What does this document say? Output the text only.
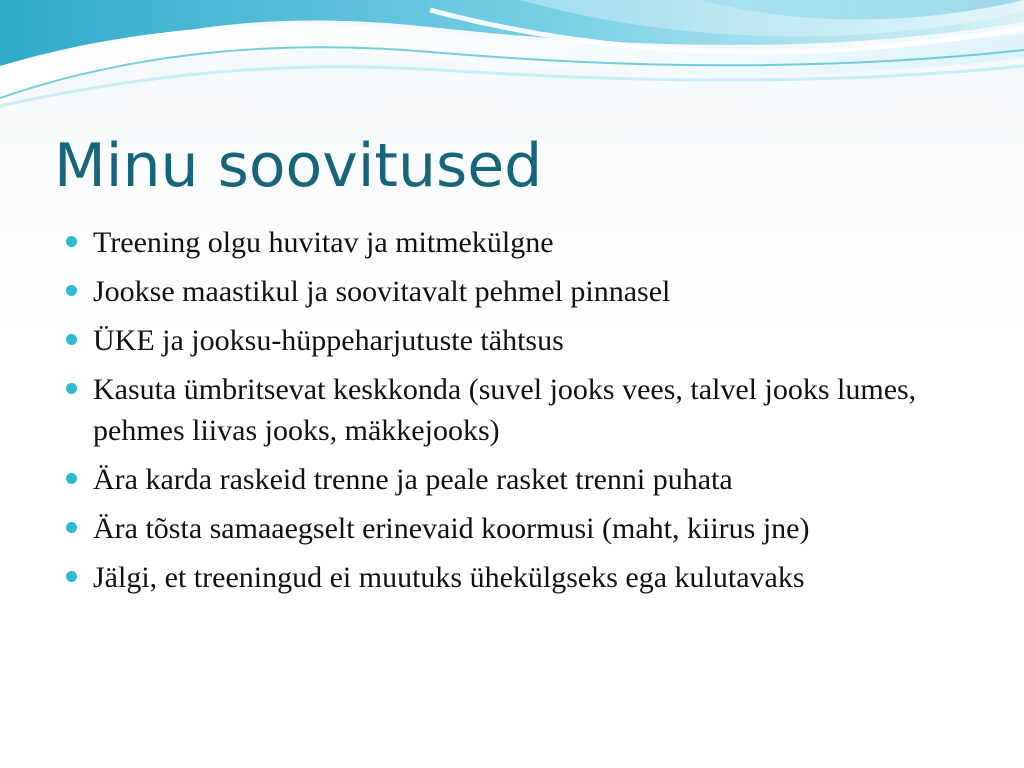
Minu soovitused
Treening olgu huvitav ja mitmekülgne
Jookse maastikul ja soovitavalt pehmel pinnasel
ÜKE ja jooksu-hüppeharjutuste tähtsus
Kasuta ümbritsevat keskkonda (suvel jooks vees, talvel jooks lumes, pehmes liivas jooks, mäkkejooks)
Ära karda raskeid trenne ja peale rasket trenni puhata
Ära tõsta samaaegselt erinevaid koormusi (maht, kiirus jne)
Jälgi, et treeningud ei muutuks ühekülgseks ega kulutavaks
